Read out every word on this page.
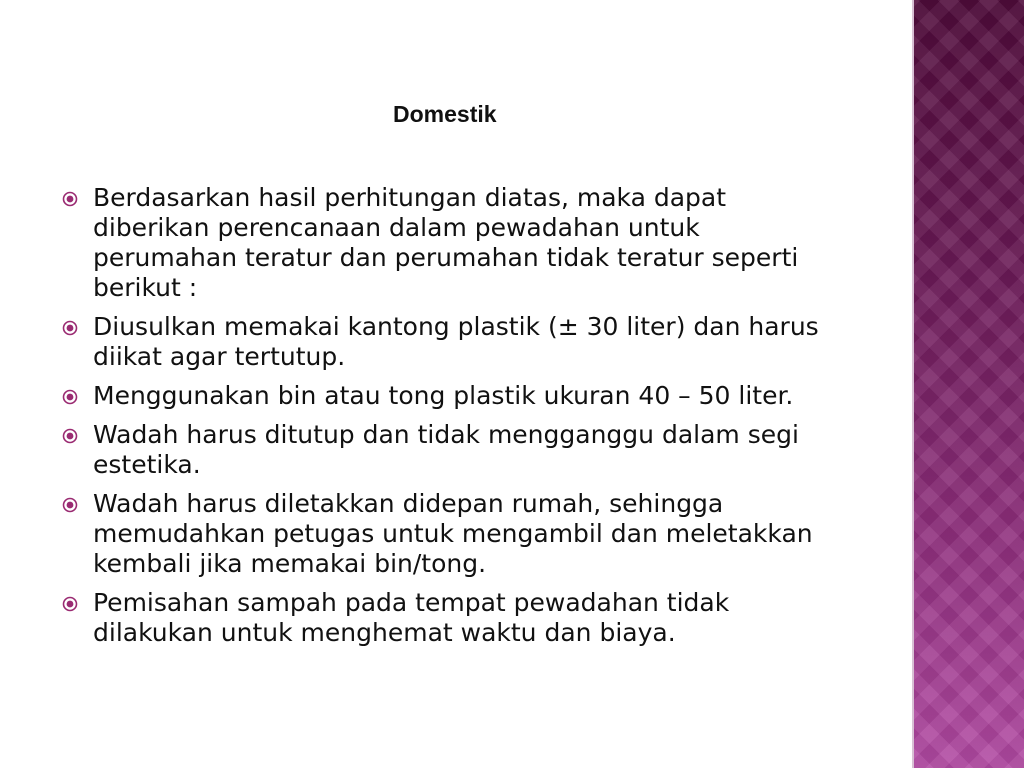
Domestik
Berdasarkan hasil perhitungan diatas, maka dapat diberikan perencanaan dalam pewadahan untuk perumahan teratur dan perumahan tidak teratur seperti berikut :
Diusulkan memakai kantong plastik (± 30 liter) dan harus diikat agar tertutup.
Menggunakan bin atau tong plastik ukuran 40 – 50 liter.
Wadah harus ditutup dan tidak mengganggu dalam segi estetika.
Wadah harus diletakkan didepan rumah, sehingga memudahkan petugas untuk mengambil dan meletakkan kembali jika memakai bin/tong.
Pemisahan sampah pada tempat pewadahan tidak dilakukan untuk menghemat waktu dan biaya.
